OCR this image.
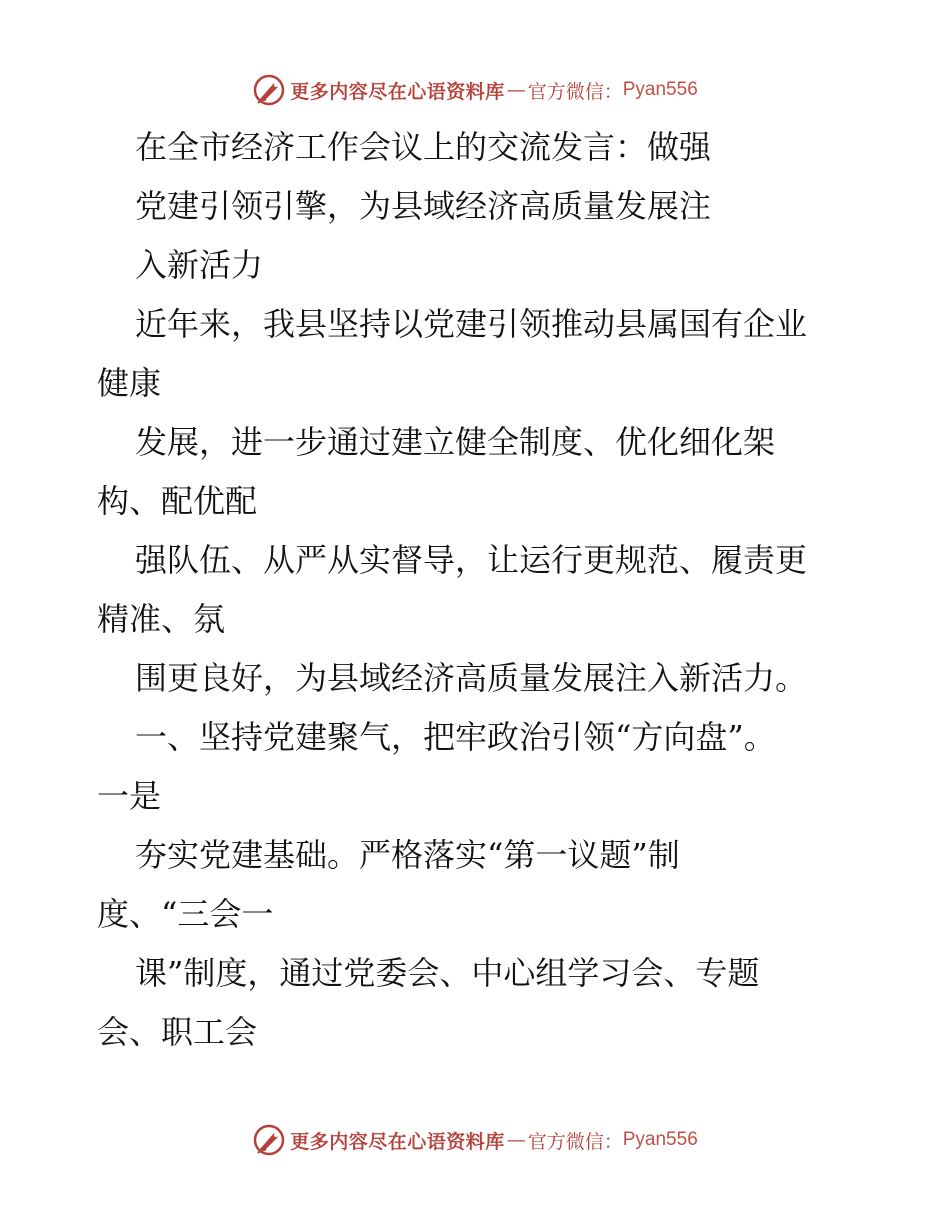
更多内容尽在心语资料库 — 官方微信： Pyan556
在全市经济工作会议上的交流发言：做强
党建引领引擎，为县域经济高质量发展注
入新活力
近年来，我县坚持以党建引领推动县属国有企业
健康
发展，进一步通过建立健全制度、优化细化架
构、配优配
强队伍、从严从实督导，让运行更规范、履责更
精准、氛
围更良好，为县域经济高质量发展注入新活力。
一、坚持党建聚气，把牢政治引领“方向盘”。
一是
夯实党建基础。严格落实“第一议题”制
度、“三会一
课”制度，通过党委会、中心组学习会、专题
会、职工会
更多内容尽在心语资料库 — 官方微信： Pyan556
